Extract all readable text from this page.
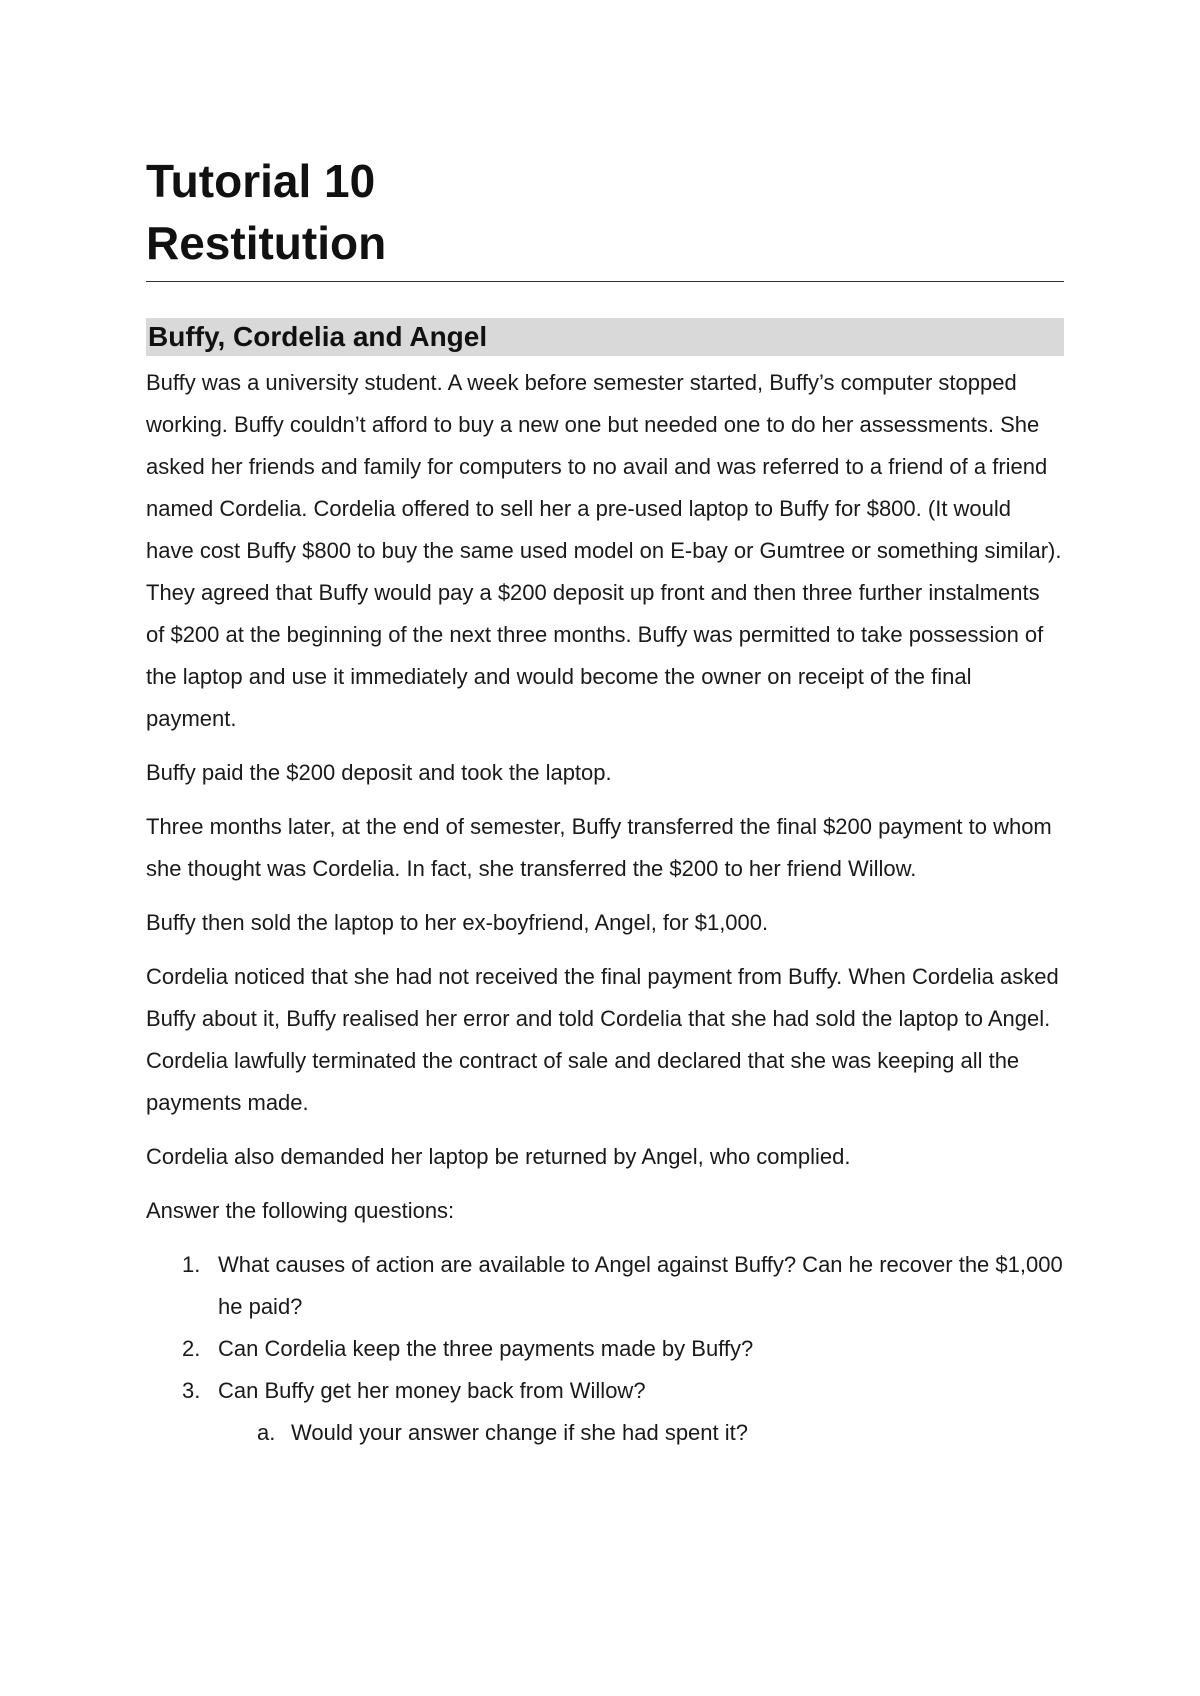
Tutorial 10
Restitution
Buffy, Cordelia and Angel

Buffy was a university student. A week before semester started, Buffy’s computer stopped working. Buffy couldn’t afford to buy a new one but needed one to do her assessments. She asked her friends and family for computers to no avail and was referred to a friend of a friend named Cordelia. Cordelia offered to sell her a pre-used laptop to Buffy for $800. (It would have cost Buffy $800 to buy the same used model on E-bay or Gumtree or something similar). They agreed that Buffy would pay a $200 deposit up front and then three further instalments of $200 at the beginning of the next three months. Buffy was permitted to take possession of the laptop and use it immediately and would become the owner on receipt of the final payment.

Buffy paid the $200 deposit and took the laptop.

Three months later, at the end of semester, Buffy transferred the final $200 payment to whom she thought was Cordelia. In fact, she transferred the $200 to her friend Willow.

Buffy then sold the laptop to her ex-boyfriend, Angel, for $1,000.

Cordelia noticed that she had not received the final payment from Buffy. When Cordelia asked Buffy about it, Buffy realised her error and told Cordelia that she had sold the laptop to Angel. Cordelia lawfully terminated the contract of sale and declared that she was keeping all the payments made.

Cordelia also demanded her laptop be returned by Angel, who complied.

Answer the following questions:

1. What causes of action are available to Angel against Buffy? Can he recover the $1,000 he paid?
2. Can Cordelia keep the three payments made by Buffy?
3. Can Buffy get her money back from Willow?
a. Would your answer change if she had spent it?
